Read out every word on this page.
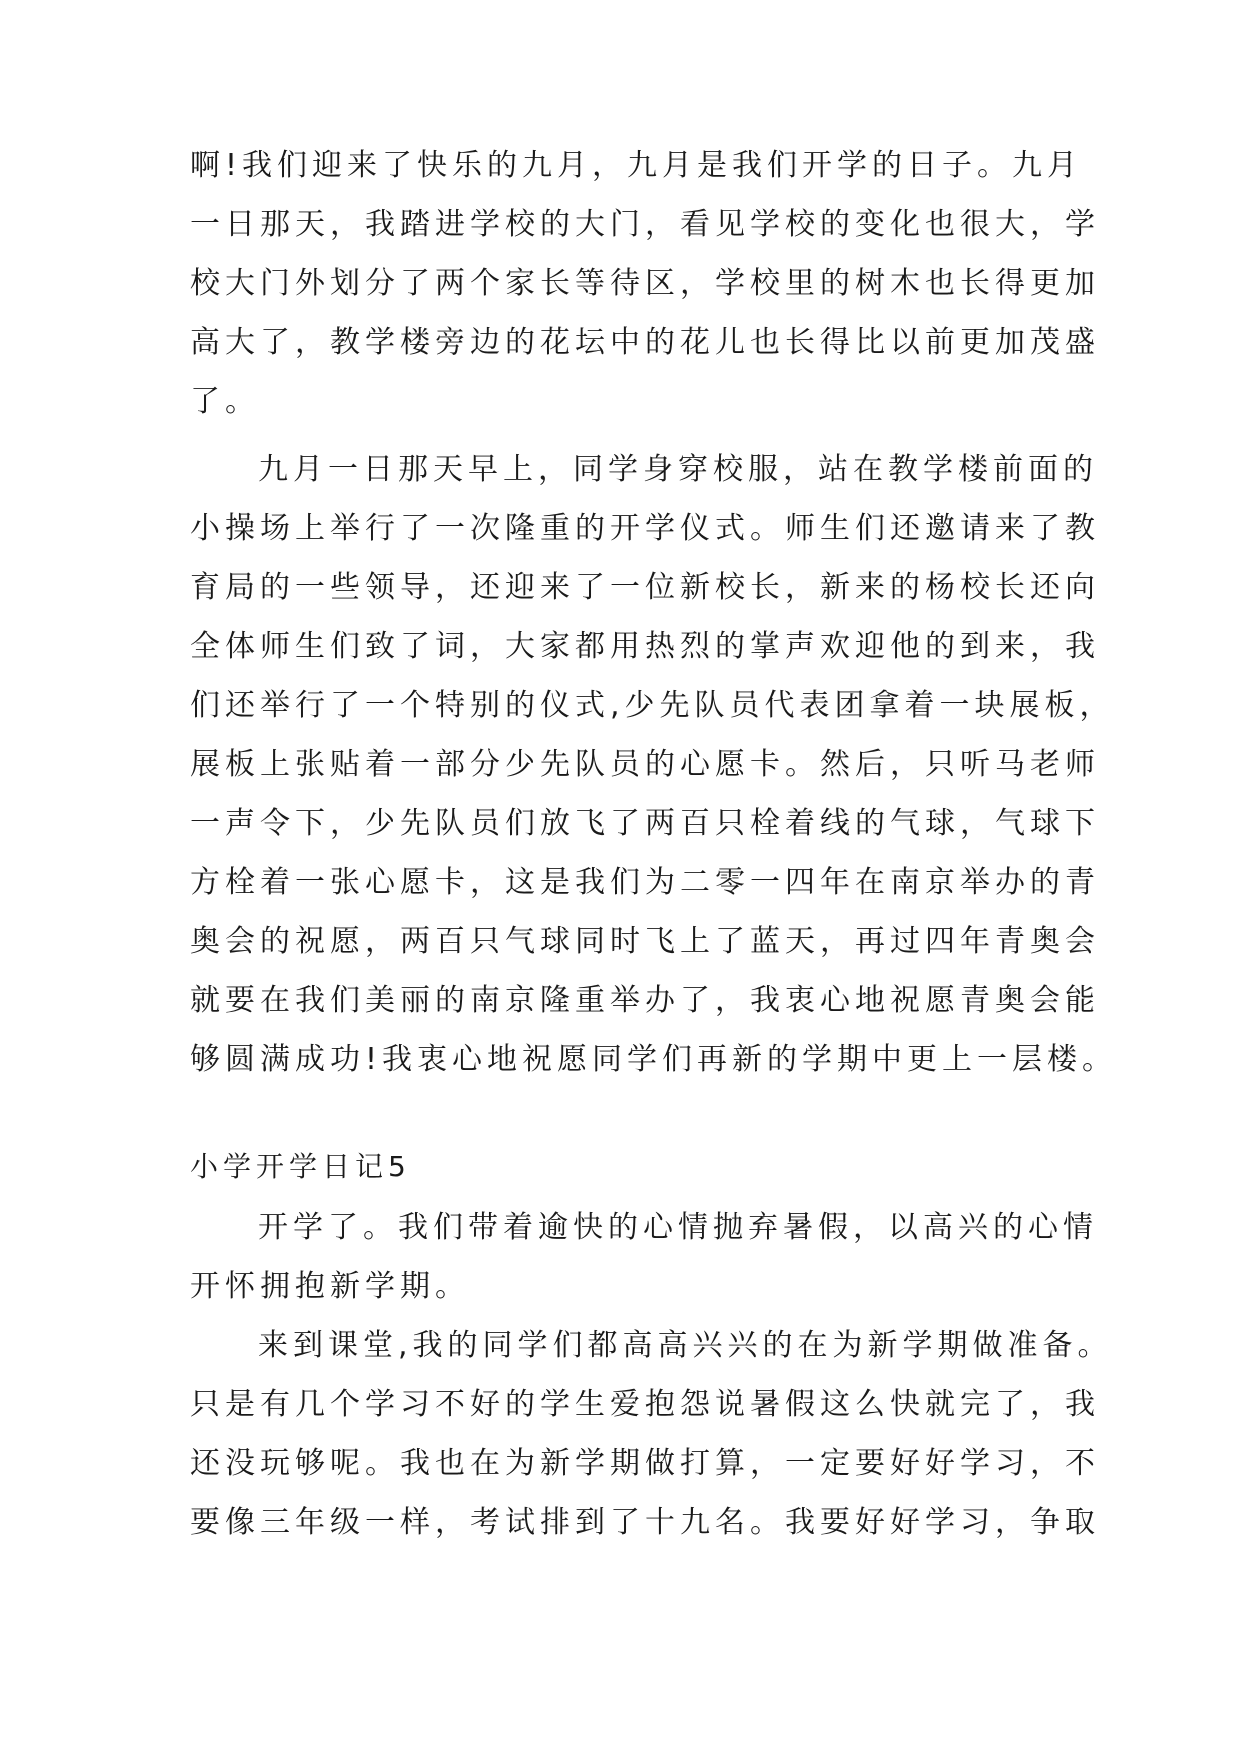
啊!我们迎来了快乐的九月，九月是我们开学的日子。九月
一日那天，我踏进学校的大门，看见学校的变化也很大，学
校大门外划分了两个家长等待区，学校里的树木也长得更加
高大了，教学楼旁边的花坛中的花儿也长得比以前更加茂盛
了。
九月一日那天早上，同学身穿校服，站在教学楼前面的
小操场上举行了一次隆重的开学仪式。师生们还邀请来了教
育局的一些领导，还迎来了一位新校长，新来的杨校长还向
全体师生们致了词，大家都用热烈的掌声欢迎他的到来，我
们还举行了一个特别的仪式,少先队员代表团拿着一块展板，
展板上张贴着一部分少先队员的心愿卡。然后，只听马老师
一声令下，少先队员们放飞了两百只栓着线的气球，气球下
方栓着一张心愿卡，这是我们为二零一四年在南京举办的青
奥会的祝愿，两百只气球同时飞上了蓝天，再过四年青奥会
就要在我们美丽的南京隆重举办了，我衷心地祝愿青奥会能
够圆满成功!我衷心地祝愿同学们再新的学期中更上一层楼。
小学开学日记5
开学了。我们带着逾快的心情抛弃暑假，以高兴的心情
开怀拥抱新学期。
来到课堂,我的同学们都高高兴兴的在为新学期做准备。
只是有几个学习不好的学生爱抱怨说暑假这么快就完了，我
还没玩够呢。我也在为新学期做打算，一定要好好学习，不
要像三年级一样，考试排到了十九名。我要好好学习，争取
